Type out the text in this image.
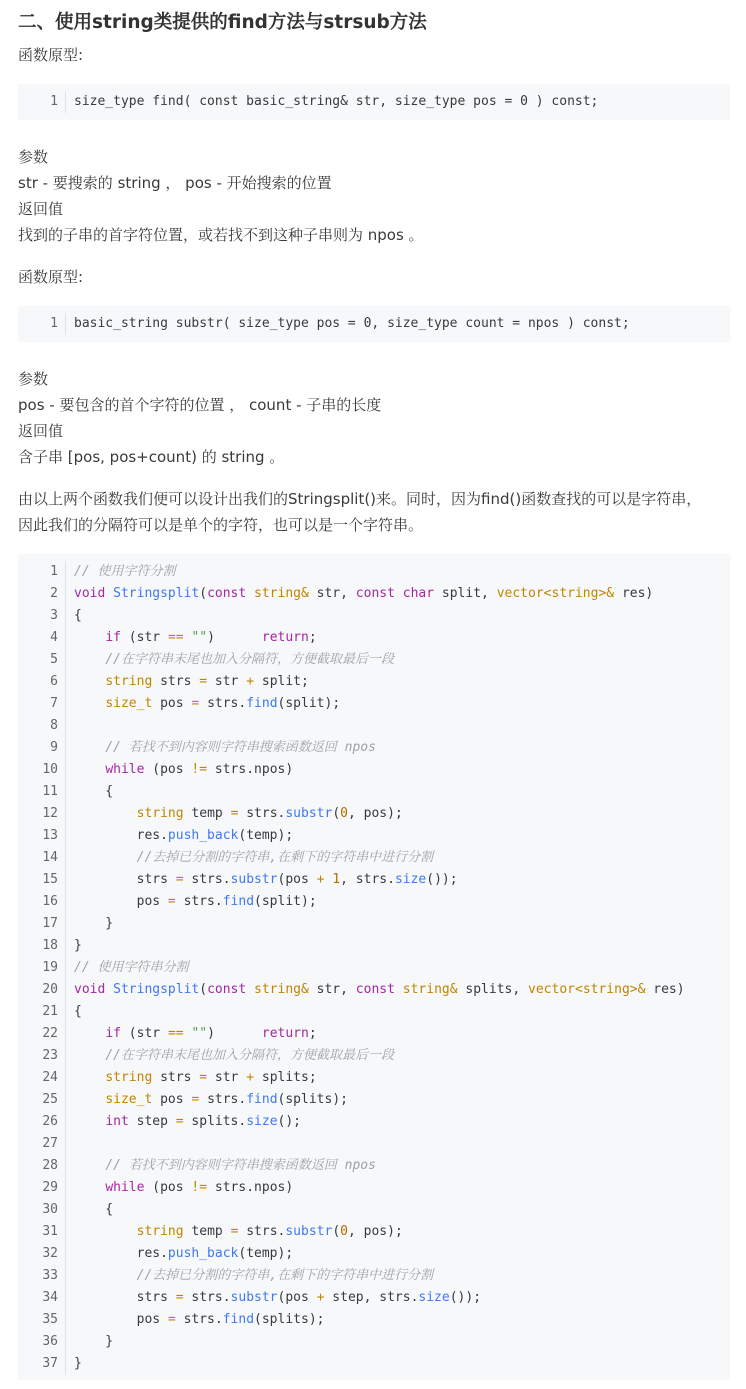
二、使用string类提供的find方法与strsub方法
函数原型:
1 size_type find( const basic_string& str, size_type pos = 0 ) const;
参数
str - 要搜索的 string ， pos - 开始搜索的位置
返回值
找到的子串的首字符位置，或若找不到这种子串则为 npos 。
函数原型:
1 basic_string substr( size_type pos = 0, size_type count = npos ) const;
参数
pos - 要包含的首个字符的位置 ， count - 子串的长度
返回值
含子串 [pos, pos+count) 的 string 。
由以上两个函数我们便可以设计出我们的Stringsplit()来。同时，因为find()函数查找的可以是字符串，
因此我们的分隔符可以是单个的字符，也可以是一个字符串。
1 // 使用字符分割
2 void Stringsplit(const string& str, const char split, vector<string>& res)
3 {
4	if (str == "")      return;
5	//在字符串末尾也加入分隔符，方便截取最后一段
6	string strs = str + split;
7	size_t pos = strs.find(split);
8
9	// 若找不到内容则字符串搜索函数返回 npos
10	while (pos != strs.npos)
11 {
12	string temp = strs.substr(0, pos);
13 res.push_back(temp);
14	//去掉已分割的字符串,在剩下的字符串中进行分割
15 strs = strs.substr(pos + 1, strs.size());
16 pos = strs.find(split);
17 }
18 }
19 // 使用字符串分割
20 void Stringsplit(const string& str, const string& splits, vector<string>& res)
21 {
22	if (str == "")      return;
23	//在字符串末尾也加入分隔符，方便截取最后一段
24	string strs = str + splits;
25	size_t pos = strs.find(splits);
26	int step = splits.size();
27
28	// 若找不到内容则字符串搜索函数返回 npos
29	while (pos != strs.npos)
30 {
31	string temp = strs.substr(0, pos);
32 res.push_back(temp);
33	//去掉已分割的字符串,在剩下的字符串中进行分割
34 strs = strs.substr(pos + step, strs.size());
35 pos = strs.find(splits);
36 }
37 }
